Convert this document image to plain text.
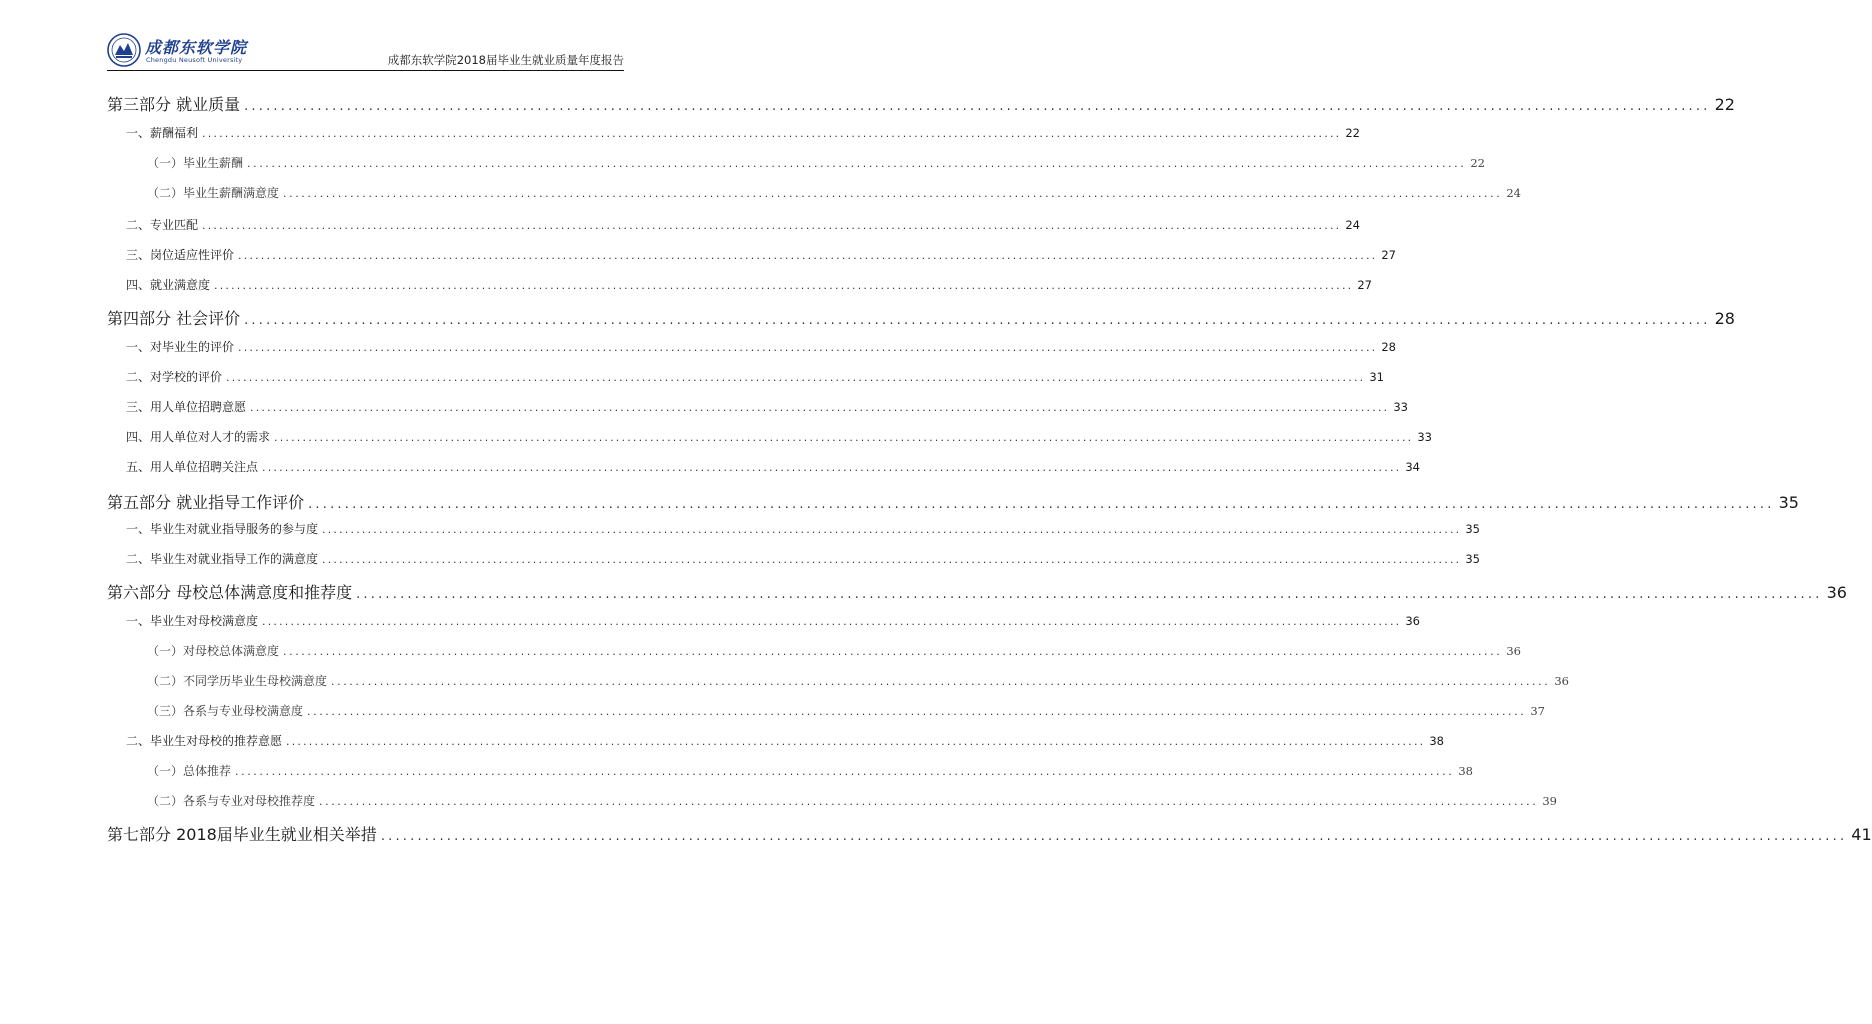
成都东软学院
Chengdu Neusoft University	成都东软学院2018届毕业生就业质量年度报告
第三部分 就业质量 ........................................................................................................................................................................................................ 22
一、薪酬福利 ........................................................................................................................................................................................................ 22
（一）毕业生薪酬 ........................................................................................................................................................................................................ 22
（二）毕业生薪酬满意度 ........................................................................................................................................................................................................ 24
二、专业匹配 ........................................................................................................................................................................................................ 24
三、岗位适应性评价 ........................................................................................................................................................................................................ 27
四、就业满意度 ........................................................................................................................................................................................................ 27
第四部分 社会评价 ........................................................................................................................................................................................................ 28
一、对毕业生的评价 ........................................................................................................................................................................................................ 28
二、对学校的评价 ........................................................................................................................................................................................................ 31
三、用人单位招聘意愿 ........................................................................................................................................................................................................ 33
四、用人单位对人才的需求 ........................................................................................................................................................................................................ 33
五、用人单位招聘关注点 ........................................................................................................................................................................................................ 34
第五部分 就业指导工作评价 ........................................................................................................................................................................................................ 35
一、毕业生对就业指导服务的参与度 ........................................................................................................................................................................................................ 35
二、毕业生对就业指导工作的满意度 ........................................................................................................................................................................................................ 35
第六部分 母校总体满意度和推荐度 ........................................................................................................................................................................................................ 36
一、毕业生对母校满意度 ........................................................................................................................................................................................................ 36
（一）对母校总体满意度 ........................................................................................................................................................................................................ 36
（二）不同学历毕业生母校满意度 ........................................................................................................................................................................................................ 36
（三）各系与专业母校满意度 ........................................................................................................................................................................................................ 37
二、毕业生对母校的推荐意愿 ........................................................................................................................................................................................................ 38
（一）总体推荐 ........................................................................................................................................................................................................ 38
（二）各系与专业对母校推荐度 ........................................................................................................................................................................................................ 39
第七部分 2018届毕业生就业相关举措 ........................................................................................................................................................................................................ 41
